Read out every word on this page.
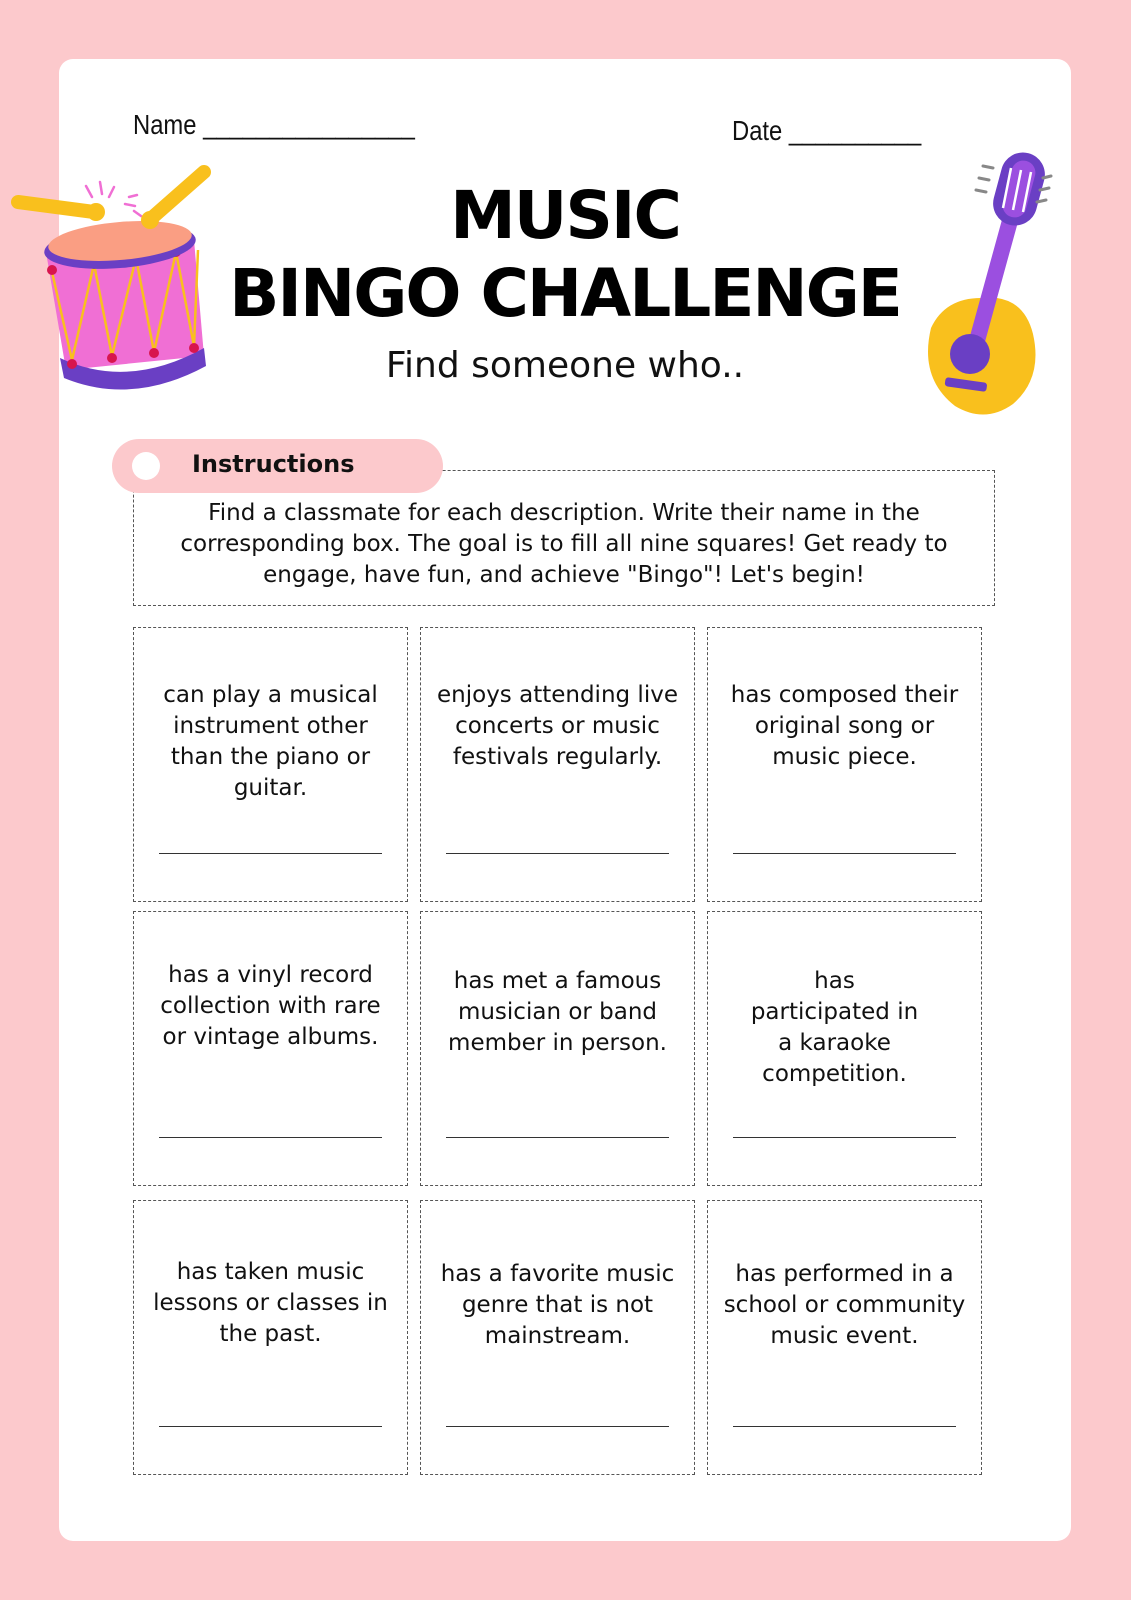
Name ________________	Date __________
MUSIC
BINGO CHALLENGE
Find someone who..
Instructions
Find a classmate for each description. Write their name in the corresponding box. The goal is to fill all nine squares! Get ready to engage, have fun, and achieve "Bingo"! Let's begin!
can play a musical instrument other than the piano or guitar.
enjoys attending live concerts or music festivals regularly.
has composed their original song or music piece.
has a vinyl record collection with rare or vintage albums.
has met a famous musician or band member in person.
has participated in a karaoke competition.
has taken music lessons or classes in the past.
has a favorite music genre that is not mainstream.
has performed in a school or community music event.
